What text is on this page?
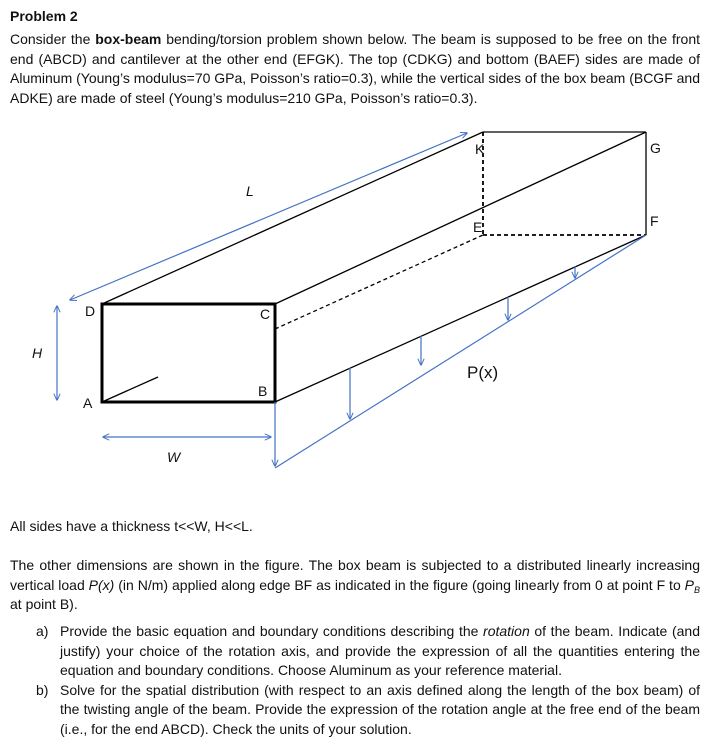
Problem 2

Consider the box-beam bending/torsion problem shown below. The beam is supposed to be free on the front end (ABCD) and cantilever at the other end (EFGK). The top (CDKG) and bottom (BAEF) sides are made of Aluminum (Young’s modulus=70 GPa, Poisson’s ratio=0.3), while the vertical sides of the box beam (BCGF and ADKE) are made of steel (Young’s modulus=210 GPa, Poisson’s ratio=0.3).

D
A
C
B
K
E
G
F
L
H
W
P(x)

All sides have a thickness t<<W, H<<L.

The other dimensions are shown in the figure. The box beam is subjected to a distributed linearly increasing vertical load P(x) (in N/m) applied along edge BF as indicated in the figure (going linearly from 0 at point F to $P_B$ at point B).

a) Provide the basic equation and boundary conditions describing the rotation of the beam. Indicate (and justify) your choice of the rotation axis, and provide the expression of all the quantities entering the equation and boundary conditions. Choose Aluminum as your reference material.
b) Solve for the spatial distribution (with respect to an axis defined along the length of the box beam) of the twisting angle of the beam. Provide the expression of the rotation angle at the free end of the beam (i.e., for the end ABCD). Check the units of your solution.
